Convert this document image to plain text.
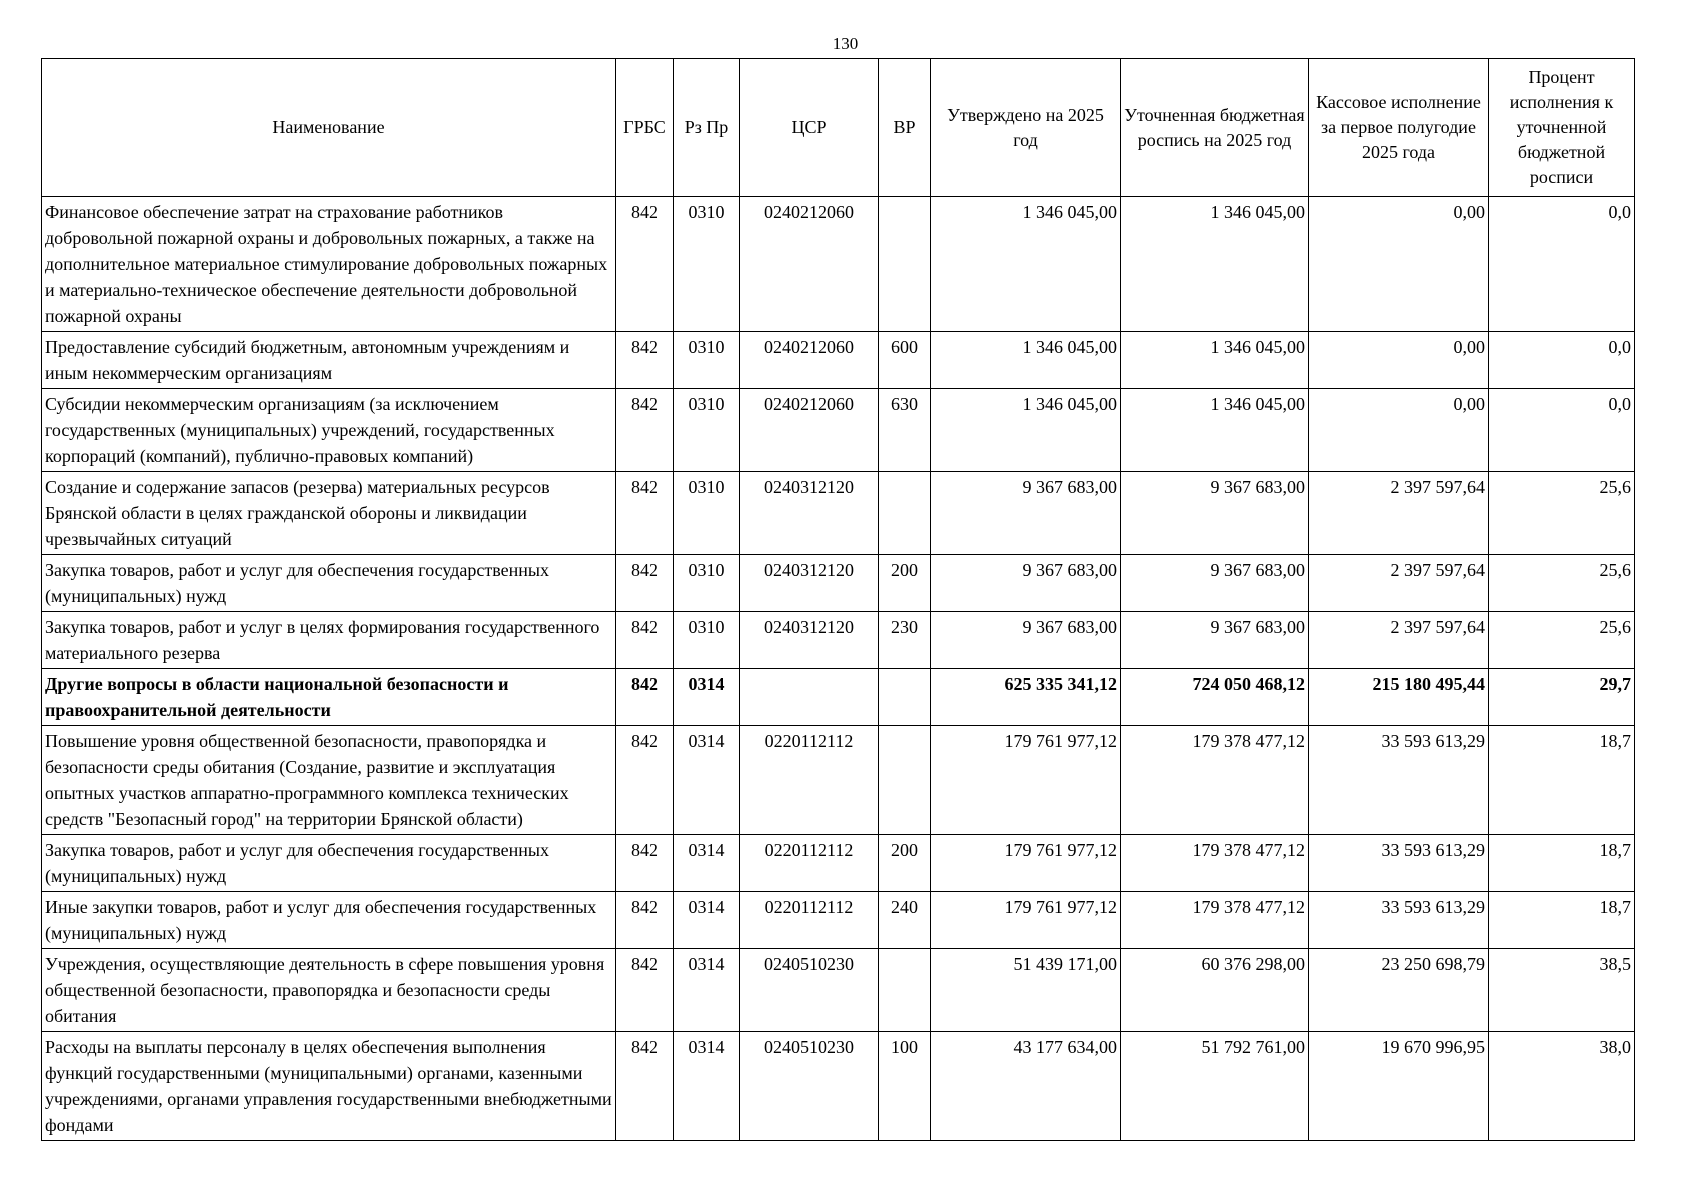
130
Наименование	ГРБС	Рз Пр	ЦСР	ВР	Утверждено на 2025 год	Уточненная бюджетная роспись на 2025 год	Кассовое исполнение за первое полугодие 2025 года	Процент исполнения к уточненной бюджетной росписи
Финансовое обеспечение затрат на страхование работников добровольной пожарной охраны и добровольных пожарных, а также на дополнительное материальное стимулирование добровольных пожарных и материально-техническое обеспечение деятельности добровольной пожарной охраны	842	0310	0240212060		1 346 045,00	1 346 045,00	0,00	0,0
Предоставление субсидий бюджетным, автономным учреждениям и иным некоммерческим организациям	842	0310	0240212060	600	1 346 045,00	1 346 045,00	0,00	0,0
Субсидии некоммерческим организациям (за исключением государственных (муниципальных) учреждений, государственных корпораций (компаний), публично-правовых компаний)	842	0310	0240212060	630	1 346 045,00	1 346 045,00	0,00	0,0
Создание и содержание запасов (резерва) материальных ресурсов Брянской области в целях гражданской обороны и ликвидации чрезвычайных ситуаций	842	0310	0240312120		9 367 683,00	9 367 683,00	2 397 597,64	25,6
Закупка товаров, работ и услуг для обеспечения государственных (муниципальных) нужд	842	0310	0240312120	200	9 367 683,00	9 367 683,00	2 397 597,64	25,6
Закупка товаров, работ и услуг в целях формирования государственного материального резерва	842	0310	0240312120	230	9 367 683,00	9 367 683,00	2 397 597,64	25,6
Другие вопросы в области национальной безопасности и правоохранительной деятельности	842	0314			625 335 341,12	724 050 468,12	215 180 495,44	29,7
Повышение уровня общественной безопасности, правопорядка и безопасности среды обитания (Создание, развитие и эксплуатация опытных участков аппаратно-программного комплекса технических средств "Безопасный город" на территории Брянской области)	842	0314	0220112112		179 761 977,12	179 378 477,12	33 593 613,29	18,7
Закупка товаров, работ и услуг для обеспечения государственных (муниципальных) нужд	842	0314	0220112112	200	179 761 977,12	179 378 477,12	33 593 613,29	18,7
Иные закупки товаров, работ и услуг для обеспечения государственных (муниципальных) нужд	842	0314	0220112112	240	179 761 977,12	179 378 477,12	33 593 613,29	18,7
Учреждения, осуществляющие деятельность в сфере повышения уровня общественной безопасности, правопорядка и безопасности среды обитания	842	0314	0240510230		51 439 171,00	60 376 298,00	23 250 698,79	38,5
Расходы на выплаты персоналу в целях обеспечения выполнения функций государственными (муниципальными) органами, казенными учреждениями, органами управления государственными внебюджетными фондами	842	0314	0240510230	100	43 177 634,00	51 792 761,00	19 670 996,95	38,0
